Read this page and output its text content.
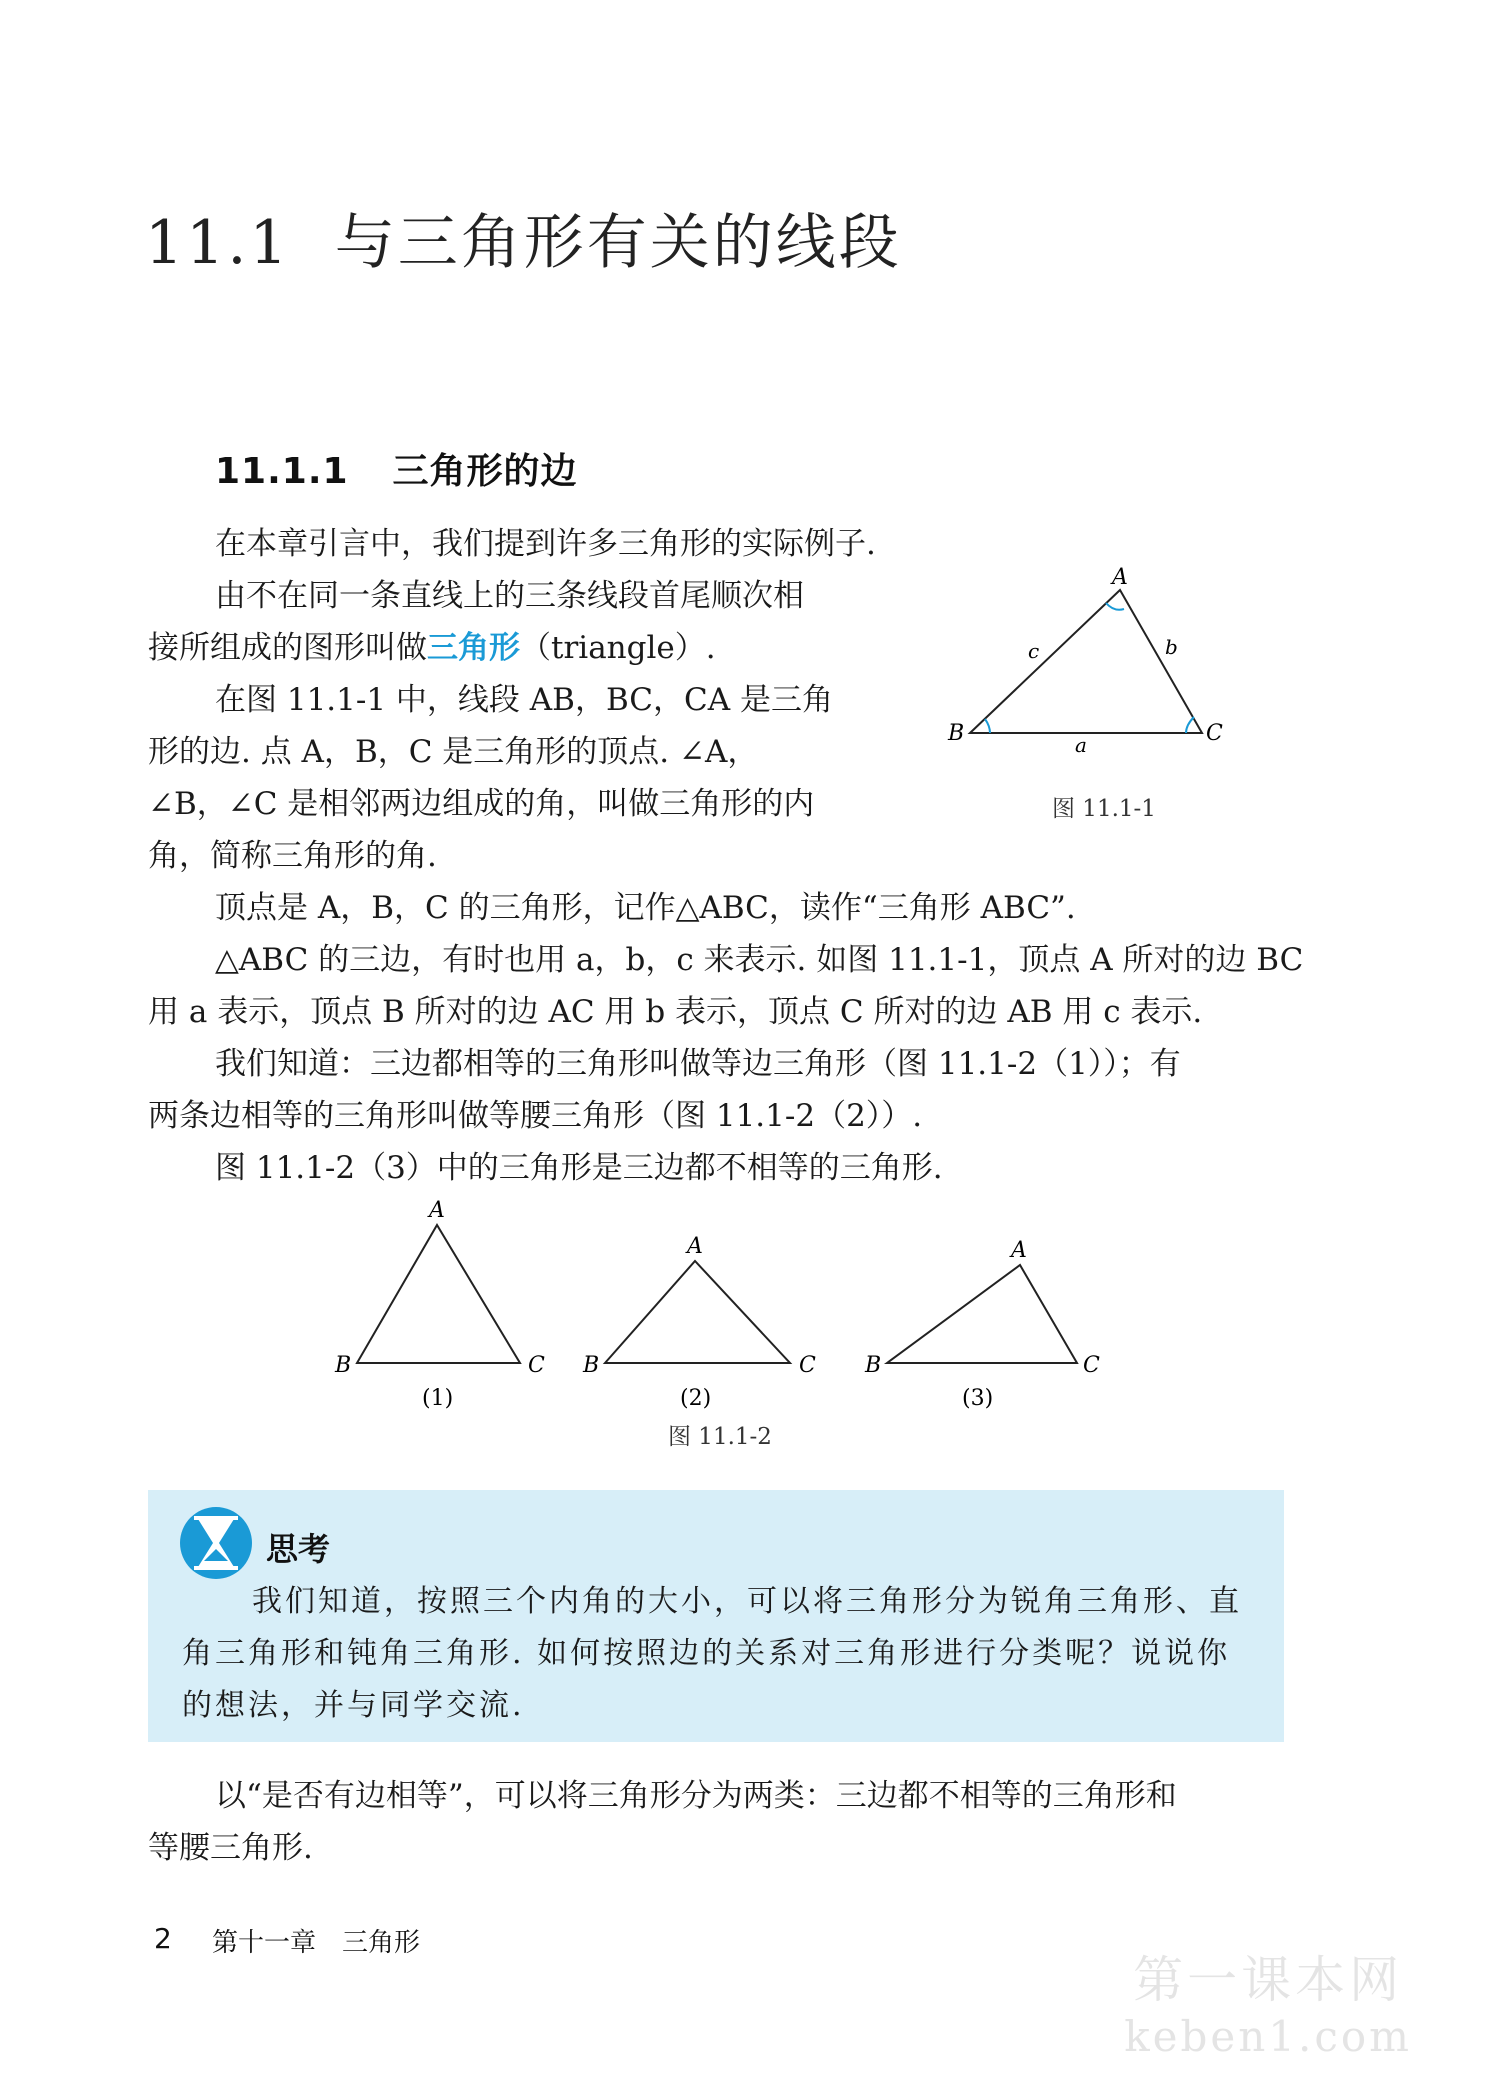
11.1 与三角形有关的线段
11.1.1 三角形的边
在本章引言中，我们提到许多三角形的实际例子.
由不在同一条直线上的三条线段首尾顺次相
接所组成的图形叫做三角形（triangle）.
在图 11.1-1 中，线段 AB，BC，CA 是三角
形的边. 点 A，B，C 是三角形的顶点. ∠A，
∠B，∠C 是相邻两边组成的角，叫做三角形的内
角，简称三角形的角.
顶点是 A，B，C 的三角形，记作△ABC，读作“三角形 ABC”.
△ABC 的三边，有时也用 a，b，c 来表示. 如图 11.1-1，顶点 A 所对的边 BC
用 a 表示，顶点 B 所对的边 AC 用 b 表示，顶点 C 所对的边 AB 用 c 表示.
我们知道：三边都相等的三角形叫做等边三角形（图 11.1-2（1））；有
两条边相等的三角形叫做等腰三角形（图 11.1-2（2））.
图 11.1-2（3）中的三角形是三边都不相等的三角形.
A
B	C
a
b
c
图 11.1-1
A
B	C
(1)
A
B	C
(2)
A
B	C
(3)
图 11.1-2
思考
我们知道，按照三个内角的大小，可以将三角形分为锐角三角形、直
角三角形和钝角三角形. 如何按照边的关系对三角形进行分类呢？说说你
的想法，并与同学交流.
以“是否有边相等”，可以将三角形分为两类：三边都不相等的三角形和
等腰三角形.
2 第十一章 三角形
第一课本网
keben1.com
